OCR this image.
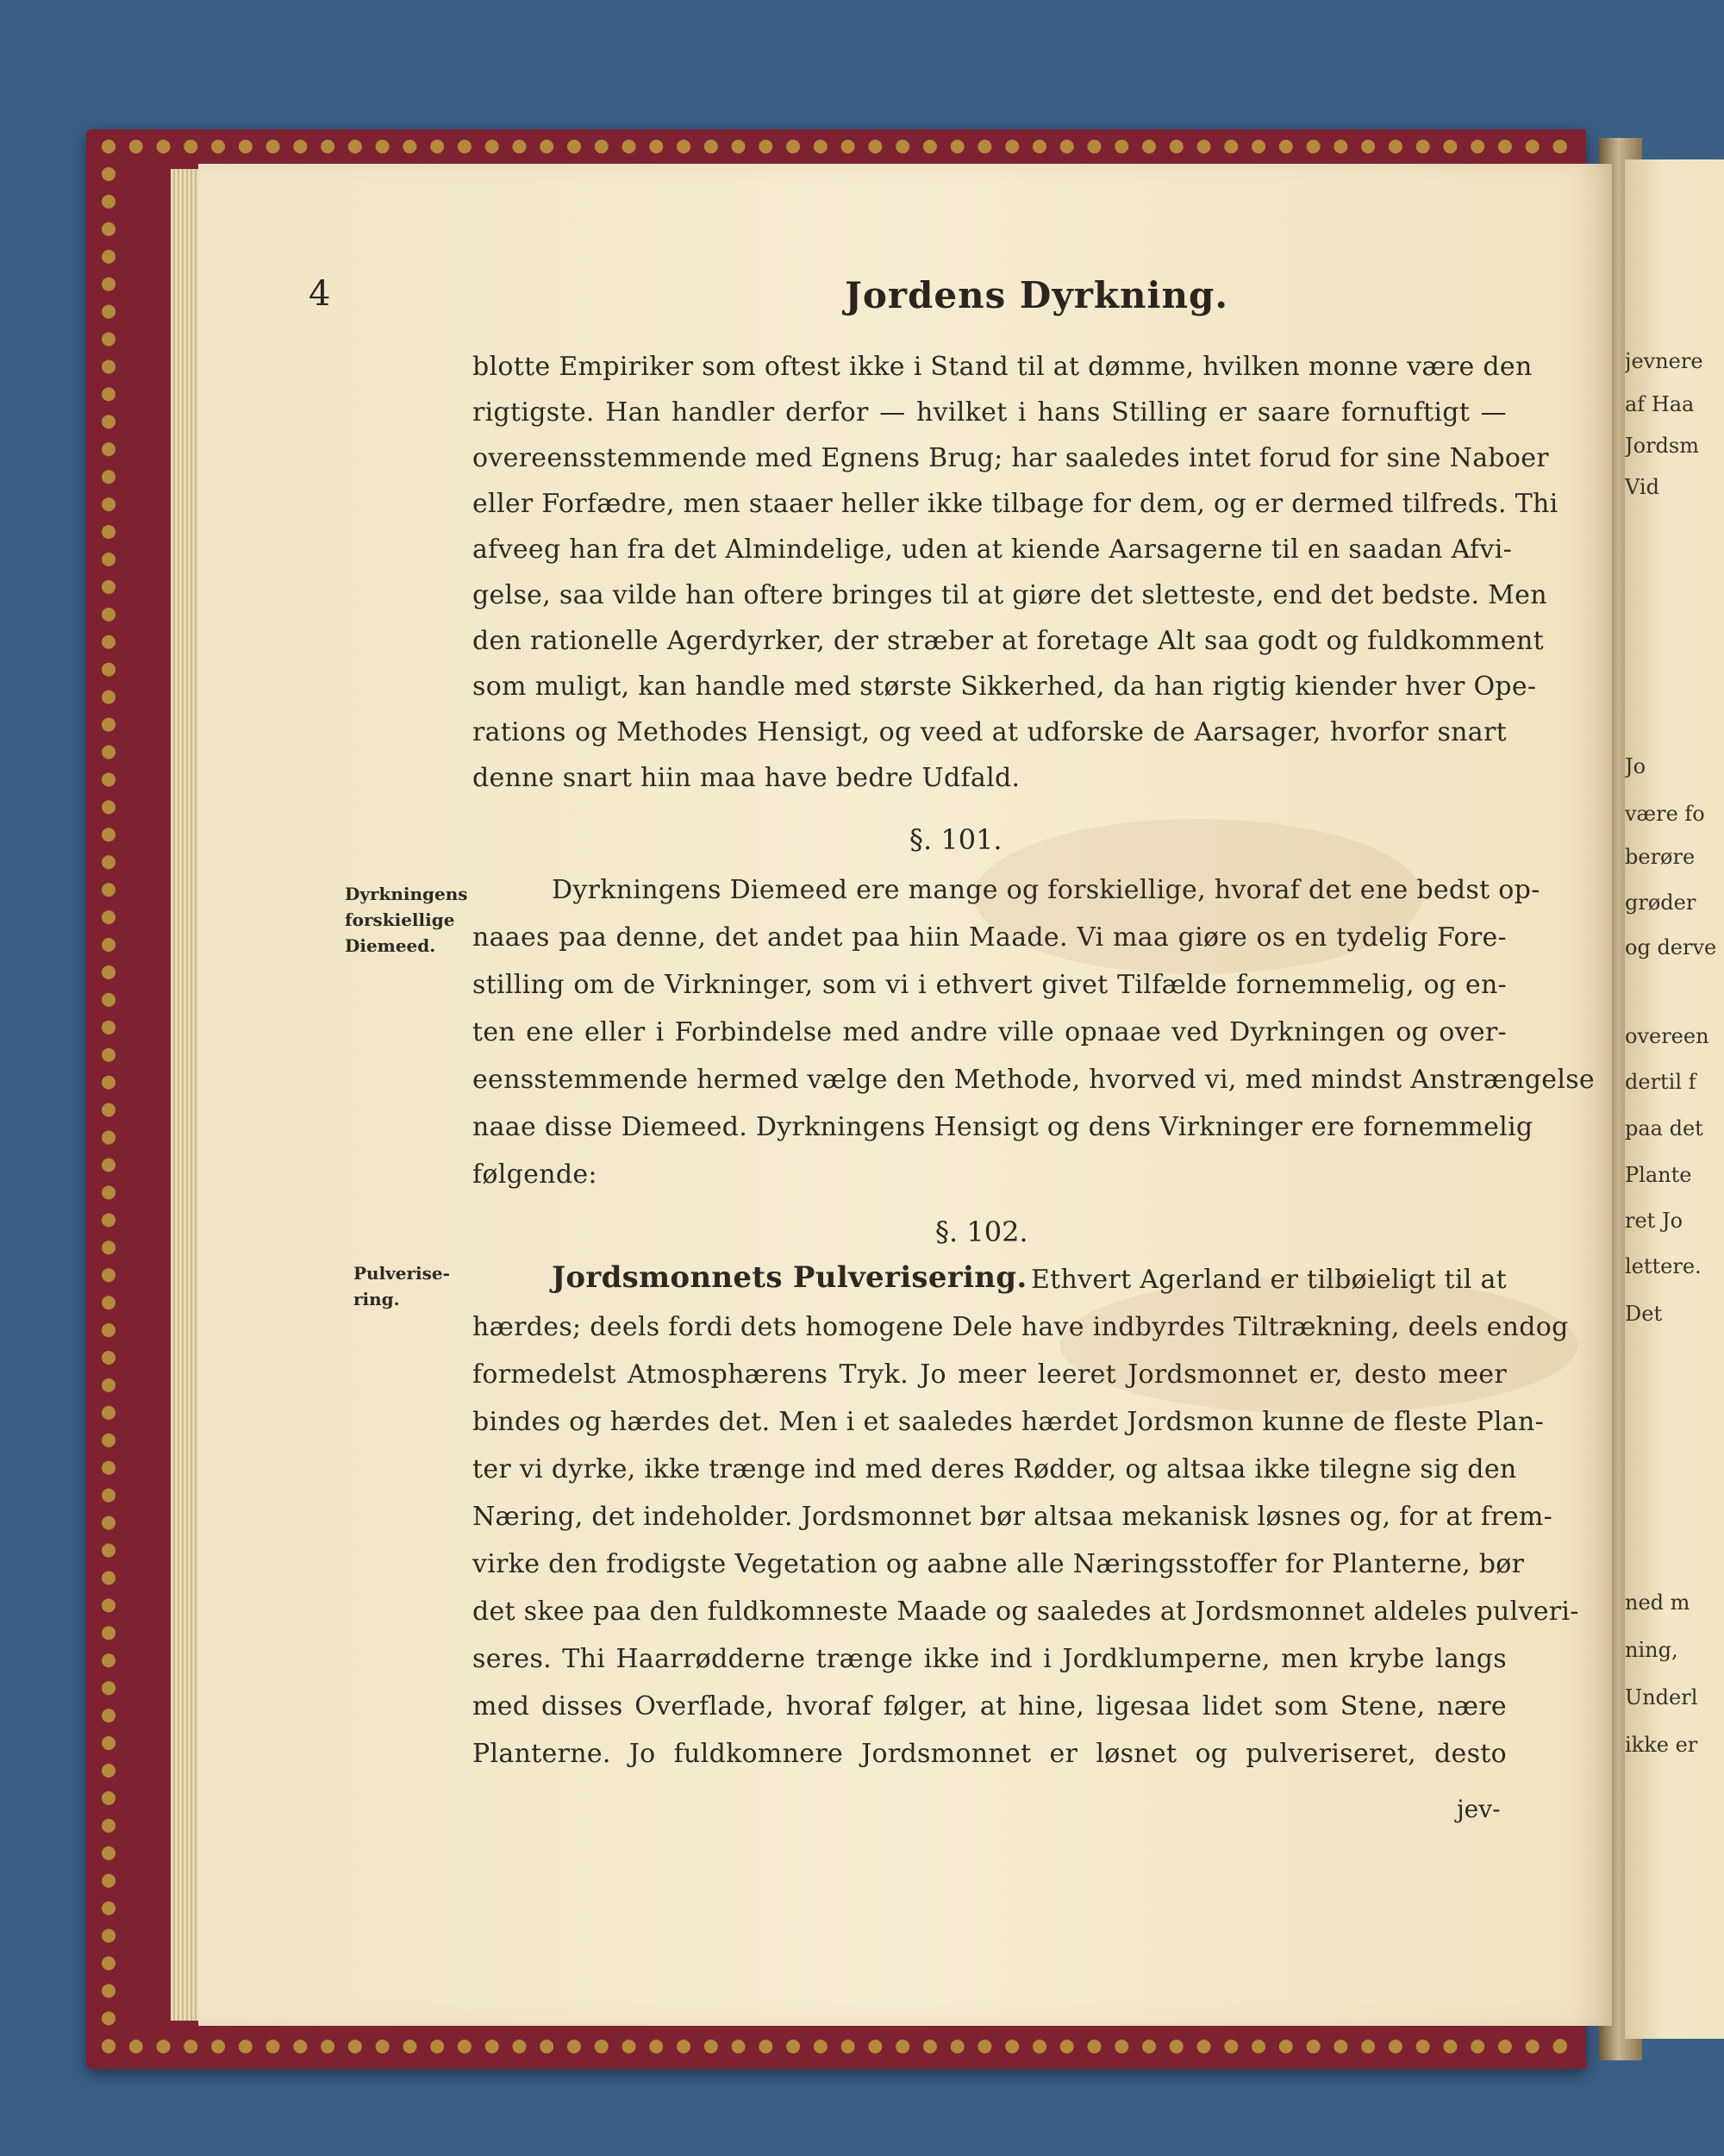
jevnere
af Haa
Jordsm
Vid
Jo
være fo
berøre
grøder
og derve
overeen
dertil f
paa det
Plante
ret Jo
lettere.
Det
ned m
ning,
Underl
ikke er
4	Jordens Dyrkning.
blotte Empiriker som oftest ikke i Stand til at dømme, hvilken monne være den
rigtigste. Han handler derfor — hvilket i hans Stilling er saare fornuftigt —
overeensstemmende med Egnens Brug; har saaledes intet forud for sine Naboer
eller Forfædre, men staaer heller ikke tilbage for dem, og er dermed tilfreds. Thi
afveeg han fra det Almindelige, uden at kiende Aarsagerne til en saadan Afvi-
gelse, saa vilde han oftere bringes til at giøre det sletteste, end det bedste. Men
den rationelle Agerdyrker, der stræber at foretage Alt saa godt og fuldkomment
som muligt, kan handle med største Sikkerhed, da han rigtig kiender hver Ope-
rations og Methodes Hensigt, og veed at udforske de Aarsager, hvorfor snart
denne snart hiin maa have bedre Udfald.
§. 101.
Dyrkningens
forskiellige
Diemeed.
Dyrkningens Diemeed ere mange og forskiellige, hvoraf det ene bedst op-
naaes paa denne, det andet paa hiin Maade. Vi maa giøre os en tydelig Fore-
stilling om de Virkninger, som vi i ethvert givet Tilfælde fornemmelig, og en-
ten ene eller i Forbindelse med andre ville opnaae ved Dyrkningen og over-
eensstemmende hermed vælge den Methode, hvorved vi, med mindst Anstrængelse
naae disse Diemeed. Dyrkningens Hensigt og dens Virkninger ere fornemmelig
følgende:
§. 102.
Pulverise-
ring.
Jordsmonnets Pulverisering. Ethvert Agerland er tilbøieligt til at
hærdes; deels fordi dets homogene Dele have indbyrdes Tiltrækning, deels endog
formedelst Atmosphærens Tryk. Jo meer leeret Jordsmonnet er, desto meer
bindes og hærdes det. Men i et saaledes hærdet Jordsmon kunne de fleste Plan-
ter vi dyrke, ikke trænge ind med deres Rødder, og altsaa ikke tilegne sig den
Næring, det indeholder. Jordsmonnet bør altsaa mekanisk løsnes og, for at frem-
virke den frodigste Vegetation og aabne alle Næringsstoffer for Planterne, bør
det skee paa den fuldkomneste Maade og saaledes at Jordsmonnet aldeles pulveri-
seres. Thi Haarrødderne trænge ikke ind i Jordklumperne, men krybe langs
med disses Overflade, hvoraf følger, at hine, ligesaa lidet som Stene, nære
Planterne. Jo fuldkomnere Jordsmonnet er løsnet og pulveriseret, desto
jev-
